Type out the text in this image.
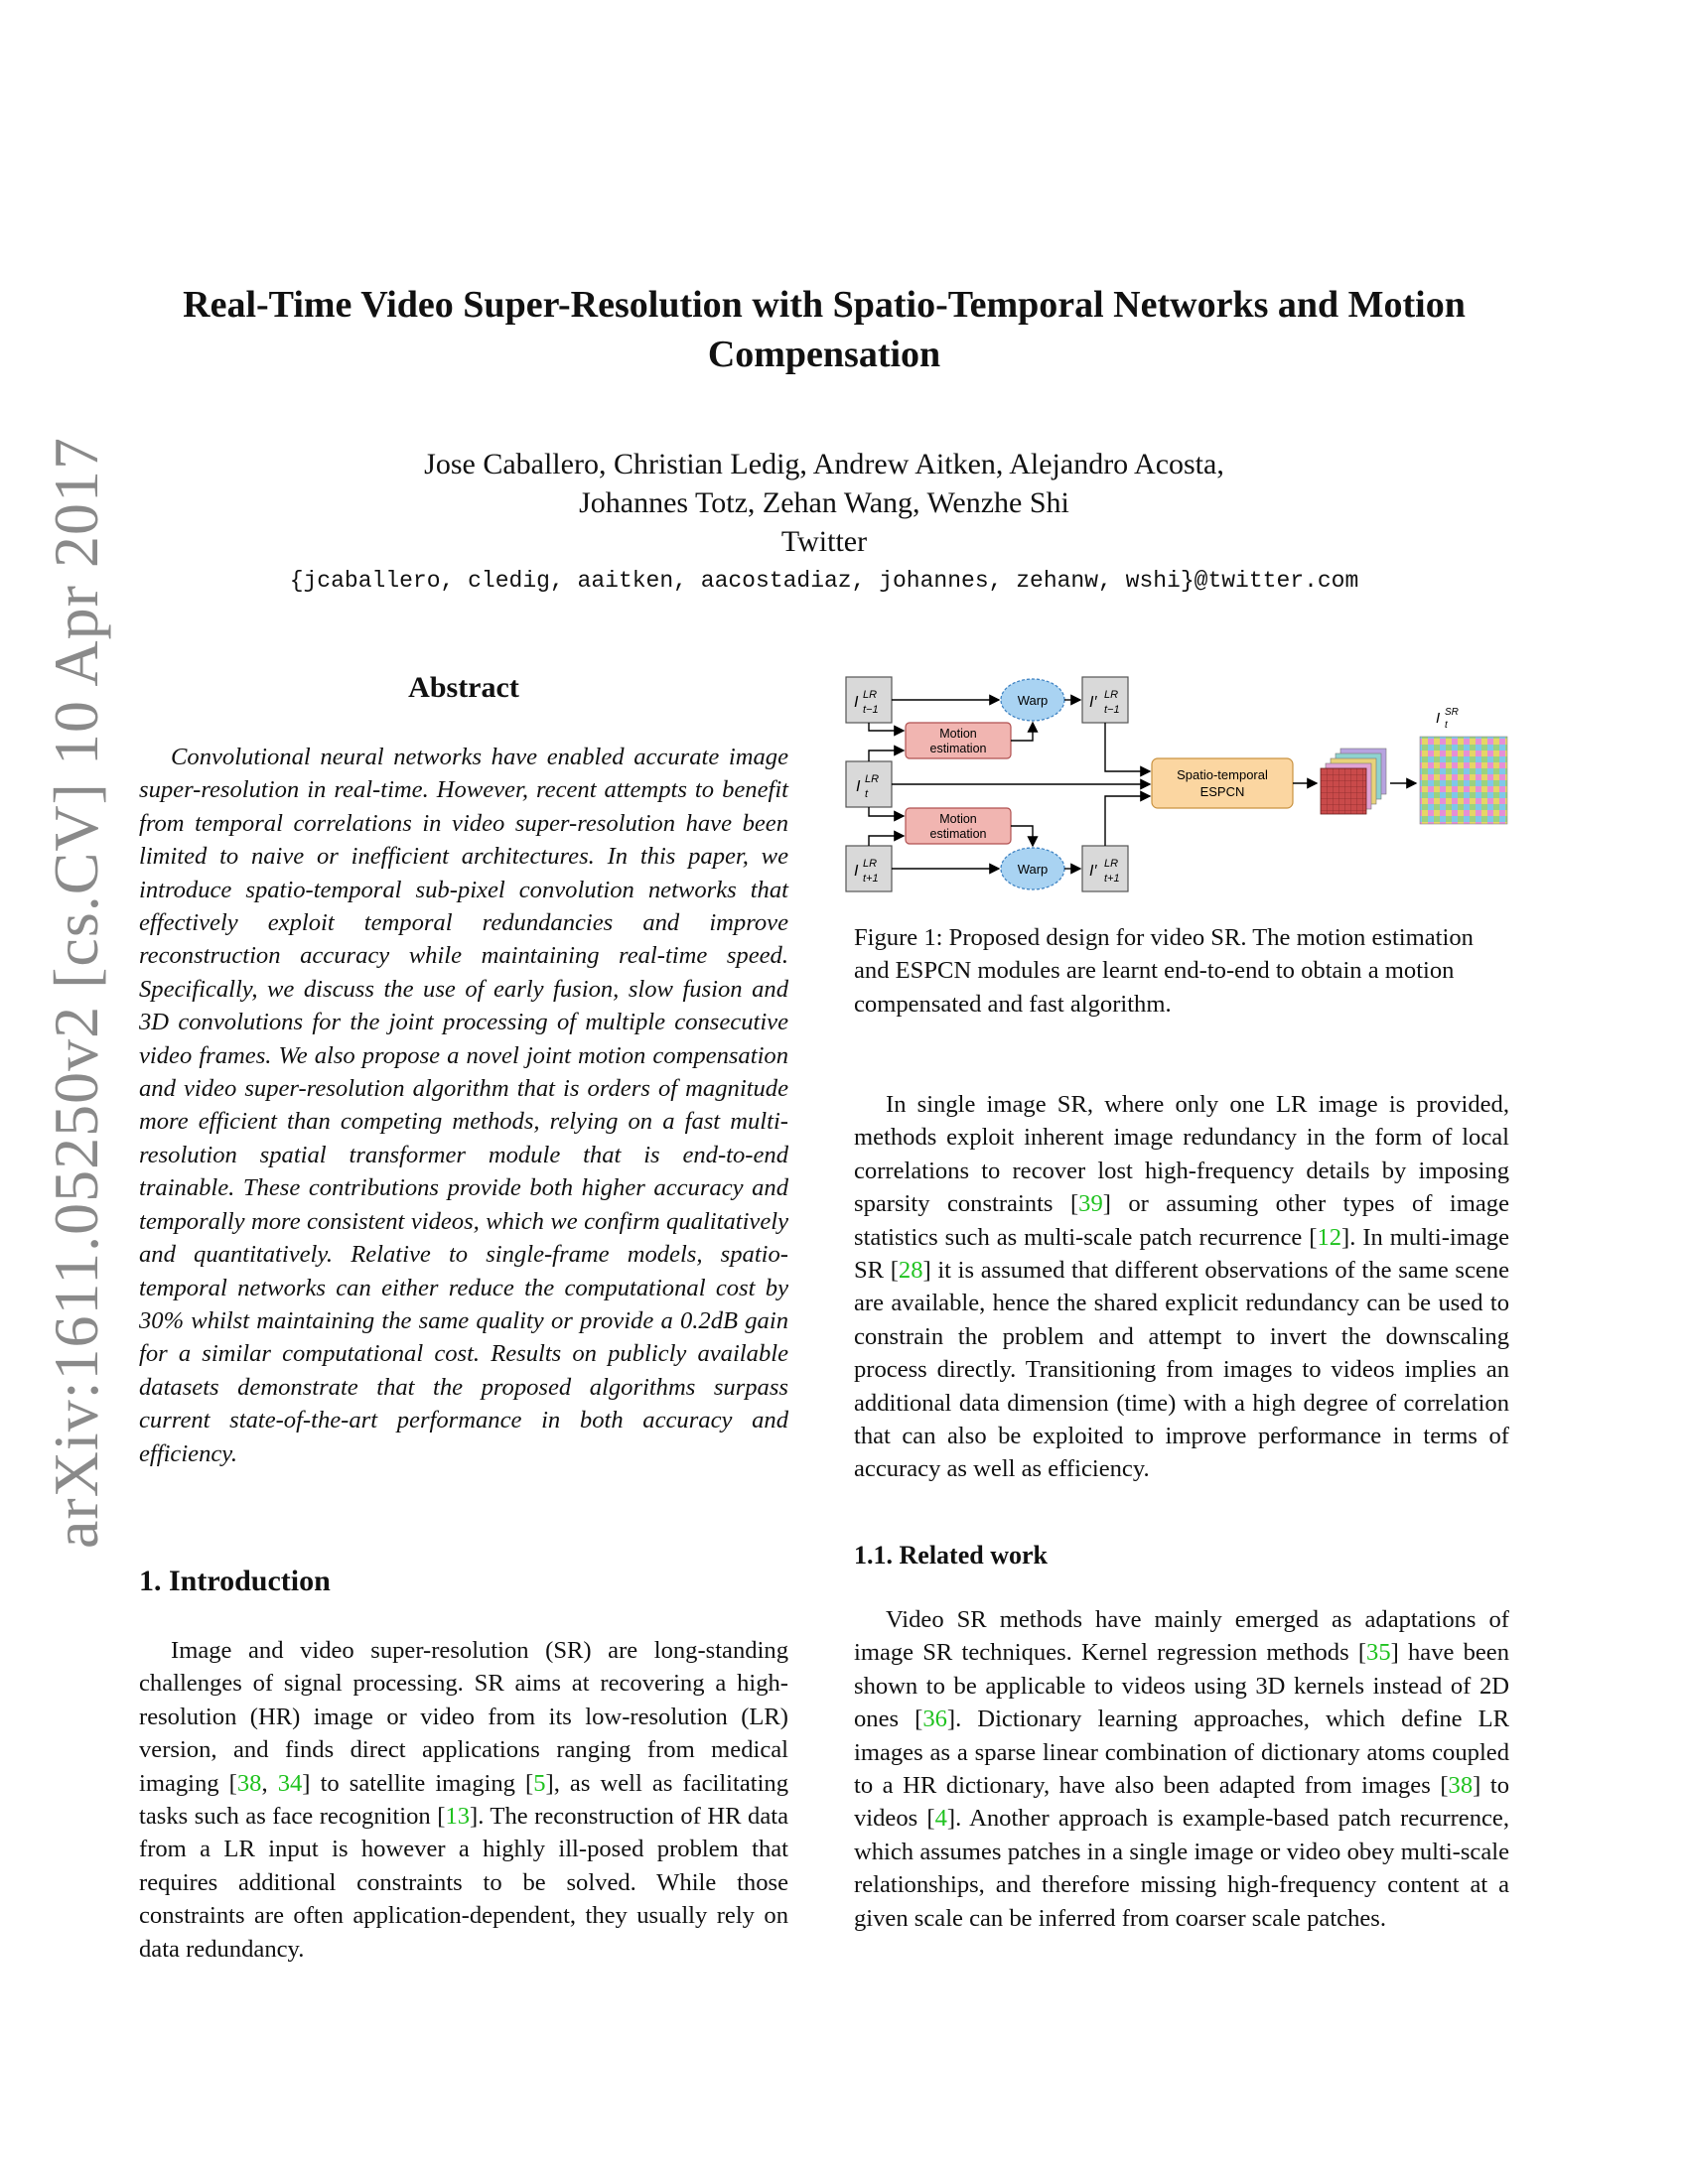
arXiv:1611.05250v2 [cs.CV] 10 Apr 2017
Real-Time Video Super-Resolution with Spatio-Temporal Networks and Motion
Compensation
Jose Caballero, Christian Ledig, Andrew Aitken, Alejandro Acosta,
Johannes Totz, Zehan Wang, Wenzhe Shi
Twitter
{jcaballero, cledig, aaitken, aacostadiaz, johannes, zehanw, wshi}@twitter.com
Abstract

Convolutional neural networks have enabled accurate image super-resolution in real-time. However, recent attempts to benefit from temporal correlations in video super-resolution have been limited to naive or inefficient architectures. In this paper, we introduce spatio-temporal sub-pixel convolution networks that effectively exploit temporal redundancies and improve reconstruction accuracy while maintaining real-time speed. Specifically, we discuss the use of early fusion, slow fusion and 3D convolutions for the joint processing of multiple consecutive video frames. We also propose a novel joint motion compensation and video super-resolution algorithm that is orders of magnitude more efficient than competing methods, relying on a fast multi-resolution spatial transformer module that is end-to-end trainable. These contributions provide both higher accuracy and temporally more consistent videos, which we confirm qualitatively and quantitatively. Relative to single-frame models, spatio-temporal networks can either reduce the computational cost by 30% whilst maintaining the same quality or provide a 0.2dB gain for a similar computational cost. Results on publicly available datasets demonstrate that the proposed algorithms surpass current state-of-the-art performance in both accuracy and efficiency.

1. Introduction

Image and video super-resolution (SR) are long-standing challenges of signal processing. SR aims at recovering a high-resolution (HR) image or video from its low-resolution (LR) version, and finds direct applications ranging from medical imaging [38, 34] to satellite imaging [5], as well as facilitating tasks such as face recognition [13]. The reconstruction of HR data from a LR input is however a highly ill-posed problem that requires additional constraints to be solved. While those constraints are often application-dependent, they usually rely on data redundancy.

I LR
t−1
I LR
t
I LR
t+1
Warp
Warp
Motion
estimation
Motion
estimation
I′ LR
t−1
I′ LR
t+1
Spatio-temporal
ESPCN
I SR
t

Figure 1: Proposed design for video SR. The motion estimation and ESPCN modules are learnt end-to-end to obtain a motion compensated and fast algorithm.

In single image SR, where only one LR image is provided, methods exploit inherent image redundancy in the form of local correlations to recover lost high-frequency details by imposing sparsity constraints [39] or assuming other types of image statistics such as multi-scale patch recurrence [12]. In multi-image SR [28] it is assumed that different observations of the same scene are available, hence the shared explicit redundancy can be used to constrain the problem and attempt to invert the downscaling process directly. Transitioning from images to videos implies an additional data dimension (time) with a high degree of correlation that can also be exploited to improve performance in terms of accuracy as well as efficiency.

1.1. Related work

Video SR methods have mainly emerged as adaptations of image SR techniques. Kernel regression methods [35] have been shown to be applicable to videos using 3D kernels instead of 2D ones [36]. Dictionary learning approaches, which define LR images as a sparse linear combination of dictionary atoms coupled to a HR dictionary, have also been adapted from images [38] to videos [4]. Another approach is example-based patch recurrence, which assumes patches in a single image or video obey multi-scale relationships, and therefore missing high-frequency content at a given scale can be inferred from coarser scale patches.
